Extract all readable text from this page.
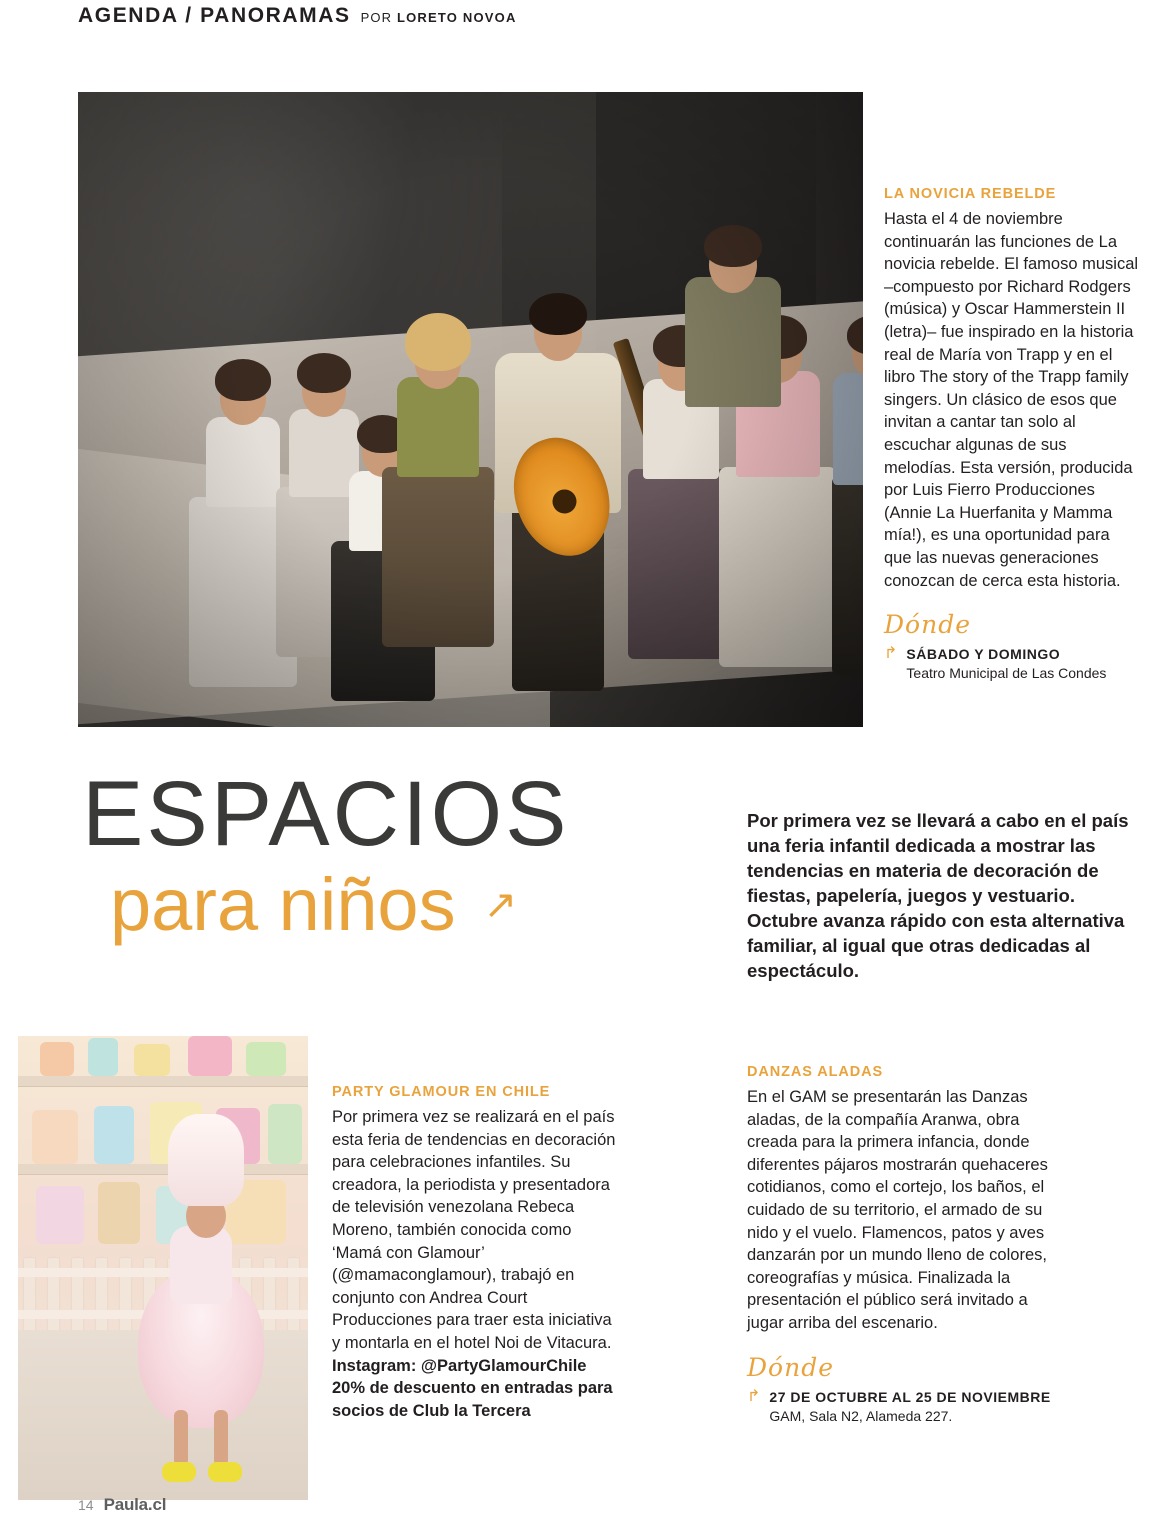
AGENDA / PANORAMAS POR LORETO NOVOA
LA NOVICIA REBELDE

Hasta el 4 de noviembre continuarán las funciones de La novicia rebelde. El famoso musical –compuesto por Richard Rodgers (música) y Oscar Hammerstein II (letra)– fue inspirado en la historia real de María von Trapp y en el libro The story of the Trapp family singers. Un clásico de esos que invitan a cantar tan solo al escuchar algunas de sus melodías. Esta versión, producida por Luis Fierro Producciones (Annie La Huerfanita y Mamma mía!), es una oportunidad para que las nuevas generaciones conozcan de cerca esta historia.

Dónde
↱ SÁBADO Y DOMINGO
Teatro Municipal de Las Condes
ESPACIOS
para niños ↗
Por primera vez se llevará a cabo en el país una feria infantil dedicada a mostrar las tendencias en materia de decoración de fiestas, papelería, juegos y vestuario. Octubre avanza rápido con esta alternativa familiar, al igual que otras dedicadas al espectáculo.
PARTY GLAMOUR EN CHILE

Por primera vez se realizará en el país esta feria de tendencias en decoración para celebraciones infantiles. Su creadora, la periodista y presentadora de televisión venezolana Rebeca Moreno, también conocida como ‘Mamá con Glamour’ (@mamaconglamour), trabajó en conjunto con Andrea Court Producciones para traer esta iniciativa y montarla en el hotel Noi de Vitacura.

Instagram: @PartyGlamourChile
20% de descuento en entradas para socios de Club la Tercera
DANZAS ALADAS

En el GAM se presentarán las Danzas aladas, de la compañía Aranwa, obra creada para la primera infancia, donde diferentes pájaros mostrarán quehaceres cotidianos, como el cortejo, los baños, el cuidado de su territorio, el armado de su nido y el vuelo. Flamencos, patos y aves danzarán por un mundo lleno de colores, coreografías y música. Finalizada la presentación el público será invitado a jugar arriba del escenario.

Dónde
↱ 27 DE OCTUBRE AL 25 DE NOVIEMBRE
GAM, Sala N2, Alameda 227.
14 Paula.cl
